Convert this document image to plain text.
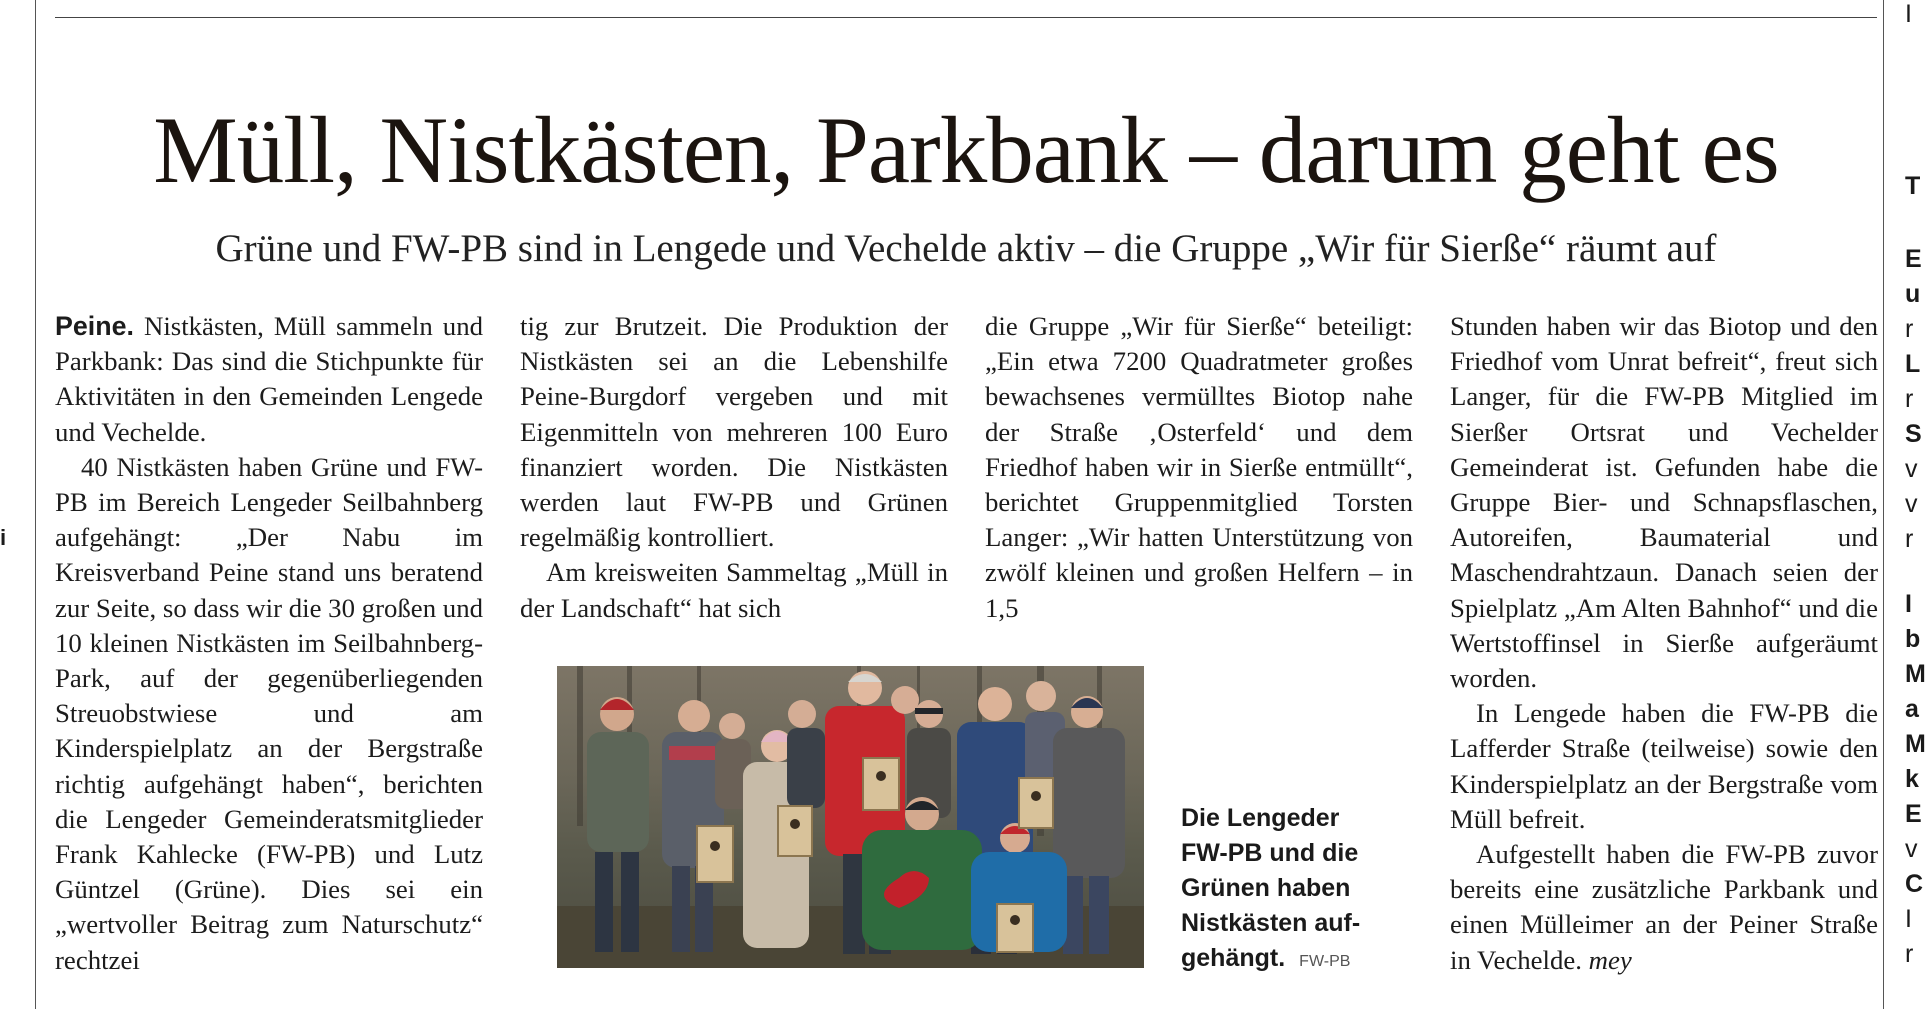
i
Müll, Nistkästen, Parkbank – darum geht es
Grüne und FW-PB sind in Lengede und Vechelde aktiv – die Gruppe „Wir für Sierße“ räumt auf

Peine. Nistkästen, Müll sammeln und Parkbank: Das sind die Stichpunkte für Aktivitäten in den Gemeinden Lengede und Vechelde.

40 Nistkästen haben Grüne und FW-PB im Bereich Lengeder Seilbahnberg aufgehängt: „Der Nabu im Kreisverband Peine stand uns beratend zur Seite, so dass wir die 30 großen und 10 kleinen Nistkästen im Seilbahnberg-Park, auf der gegenüberliegenden Streuobstwiese und am Kinderspielplatz an der Bergstraße richtig aufgehängt haben“, berichten die Lengeder Gemeinderatsmitglieder Frank Kahlecke (FW-PB) und Lutz Güntzel (Grüne). Dies sei ein „wertvoller Beitrag zum Naturschutz“ rechtzei

tig zur Brutzeit. Die Produktion der Nistkästen sei an die Lebenshilfe Peine-Burgdorf vergeben und mit Eigenmitteln von mehreren 100 Euro finanziert worden. Die Nistkästen werden laut FW-PB und Grünen regelmäßig kontrolliert.

Am kreisweiten Sammeltag „Müll in der Landschaft“ hat sich

die Gruppe „Wir für Sierße“ beteiligt: „Ein etwa 7200 Quadratmeter großes bewachsenes vermülltes Biotop nahe der Straße ‚Osterfeld‘ und dem Friedhof haben wir in Sierße entmüllt“, berichtet Gruppenmitglied Torsten Langer: „Wir hatten Unterstützung von zwölf kleinen und großen Helfern – in 1,5

Stunden haben wir das Biotop und den Friedhof vom Unrat befreit“, freut sich Langer, für die FW-PB Mitglied im Sierßer Ortsrat und Vechelder Gemeinderat ist. Gefunden habe die Gruppe Bier- und Schnapsflaschen, Autoreifen, Baumaterial und Maschendrahtzaun. Danach seien der Spielplatz „Am Alten Bahnhof“ und die Wertstoffinsel in Sierße aufgeräumt worden.

In Lengede haben die FW-PB die Lafferder Straße (teilweise) sowie den Kinderspielplatz an der Bergstraße vom Müll befreit.

Aufgestellt haben die FW-PB zuvor bereits eine zusätzliche Parkbank und einen Mülleimer an der Peiner Straße in Vechelde. mey

Die Lengeder FW-PB und die Grünen haben Nistkästen aufgehängt. FW-PB
I
T
E
u
r
L
r
S
v
v
r
I
b
M
a
M
k
E
v
C
I
r
